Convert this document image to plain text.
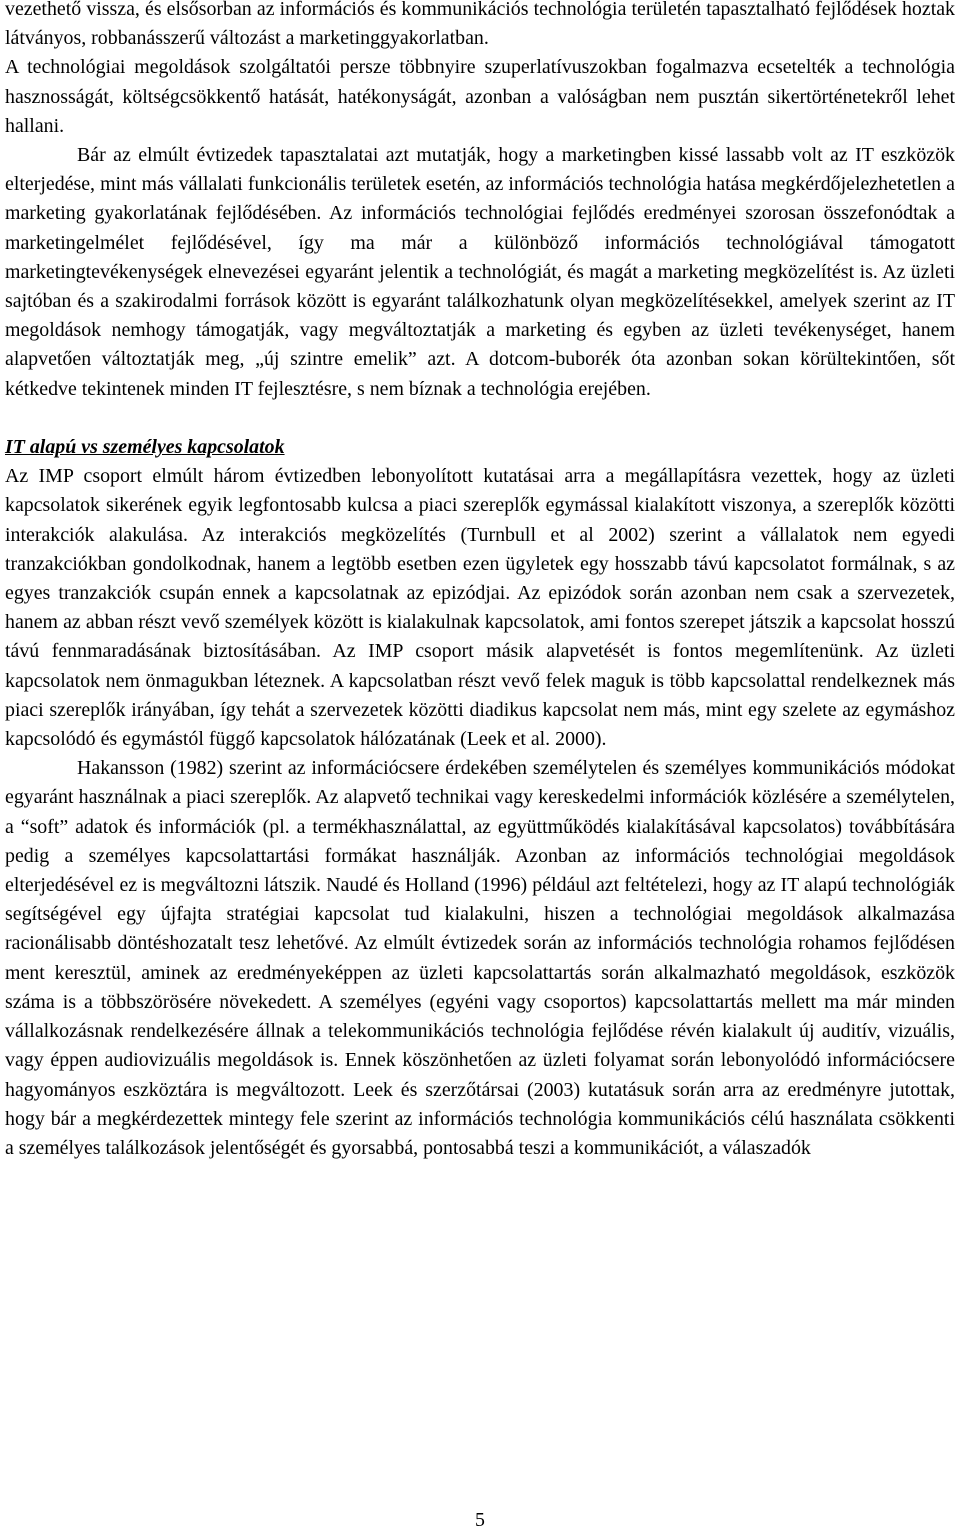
vezethető vissza, és elsősorban az információs és kommunikációs technológia területén tapasztalható fejlődések hoztak látványos, robbanásszerű változást a marketinggyakorlatban.

A technológiai megoldások szolgáltatói persze többnyire szuperlatívuszokban fogalmazva ecsetelték a technológia hasznosságát, költségcsökkentő hatását, hatékonyságát, azonban a valóságban nem pusztán sikertörténetekről lehet hallani.

Bár az elmúlt évtizedek tapasztalatai azt mutatják, hogy a marketingben kissé lassabb volt az IT eszközök elterjedése, mint más vállalati funkcionális területek esetén, az információs technológia hatása megkérdőjelezhetetlen a marketing gyakorlatának fejlődésében. Az információs technológiai fejlődés eredményei szorosan összefonódtak a marketingelmélet fejlődésével, így ma már a különböző információs technológiával támogatott marketingtevékenységek elnevezései egyaránt jelentik a technológiát, és magát a marketing megközelítést is. Az üzleti sajtóban és a szakirodalmi források között is egyaránt találkozhatunk olyan megközelítésekkel, amelyek szerint az IT megoldások nemhogy támogatják, vagy megváltoztatják a marketing és egyben az üzleti tevékenységet, hanem alapvetően változtatják meg, „új szintre emelik” azt. A dotcom-buborék óta azonban sokan körültekintően, sőt kétkedve tekintenek minden IT fejlesztésre, s nem bíznak a technológia erejében.

IT alapú vs személyes kapcsolatok

Az IMP csoport elmúlt három évtizedben lebonyolított kutatásai arra a megállapításra vezettek, hogy az üzleti kapcsolatok sikerének egyik legfontosabb kulcsa a piaci szereplők egymással kialakított viszonya, a szereplők közötti interakciók alakulása. Az interakciós megközelítés (Turnbull et al 2002) szerint a vállalatok nem egyedi tranzakciókban gondolkodnak, hanem a legtöbb esetben ezen ügyletek egy hosszabb távú kapcsolatot formálnak, s az egyes tranzakciók csupán ennek a kapcsolatnak az epizódjai. Az epizódok során azonban nem csak a szervezetek, hanem az abban részt vevő személyek között is kialakulnak kapcsolatok, ami fontos szerepet játszik a kapcsolat hosszú távú fennmaradásának biztosításában. Az IMP csoport másik alapvetését is fontos megemlítenünk. Az üzleti kapcsolatok nem önmagukban léteznek. A kapcsolatban részt vevő felek maguk is több kapcsolattal rendelkeznek más piaci szereplők irányában, így tehát a szervezetek közötti diadikus kapcsolat nem más, mint egy szelete az egymáshoz kapcsolódó és egymástól függő kapcsolatok hálózatának (Leek et al. 2000).

Hakansson (1982) szerint az információcsere érdekében személytelen és személyes kommunikációs módokat egyaránt használnak a piaci szereplők. Az alapvető technikai vagy kereskedelmi információk közlésére a személytelen, a “soft” adatok és információk (pl. a termékhasználattal, az együttműködés kialakításával kapcsolatos) továbbítására pedig a személyes kapcsolattartási formákat használják. Azonban az információs technológiai megoldások elterjedésével ez is megváltozni látszik. Naudé és Holland (1996) például azt feltételezi, hogy az IT alapú technológiák segítségével egy újfajta stratégiai kapcsolat tud kialakulni, hiszen a technológiai megoldások alkalmazása racionálisabb döntéshozatalt tesz lehetővé. Az elmúlt évtizedek során az információs technológia rohamos fejlődésen ment keresztül, aminek az eredményeképpen az üzleti kapcsolattartás során alkalmazható megoldások, eszközök száma is a többszörösére növekedett. A személyes (egyéni vagy csoportos) kapcsolattartás mellett ma már minden vállalkozásnak rendelkezésére állnak a telekommunikációs technológia fejlődése révén kialakult új auditív, vizuális, vagy éppen audiovizuális megoldások is. Ennek köszönhetően az üzleti folyamat során lebonyolódó információcsere hagyományos eszköztára is megváltozott. Leek és szerzőtársai (2003) kutatásuk során arra az eredményre jutottak, hogy bár a megkérdezettek mintegy fele szerint az információs technológia kommunikációs célú használata csökkenti a személyes találkozások jelentőségét és gyorsabbá, pontosabbá teszi a kommunikációt, a válaszadók

5
